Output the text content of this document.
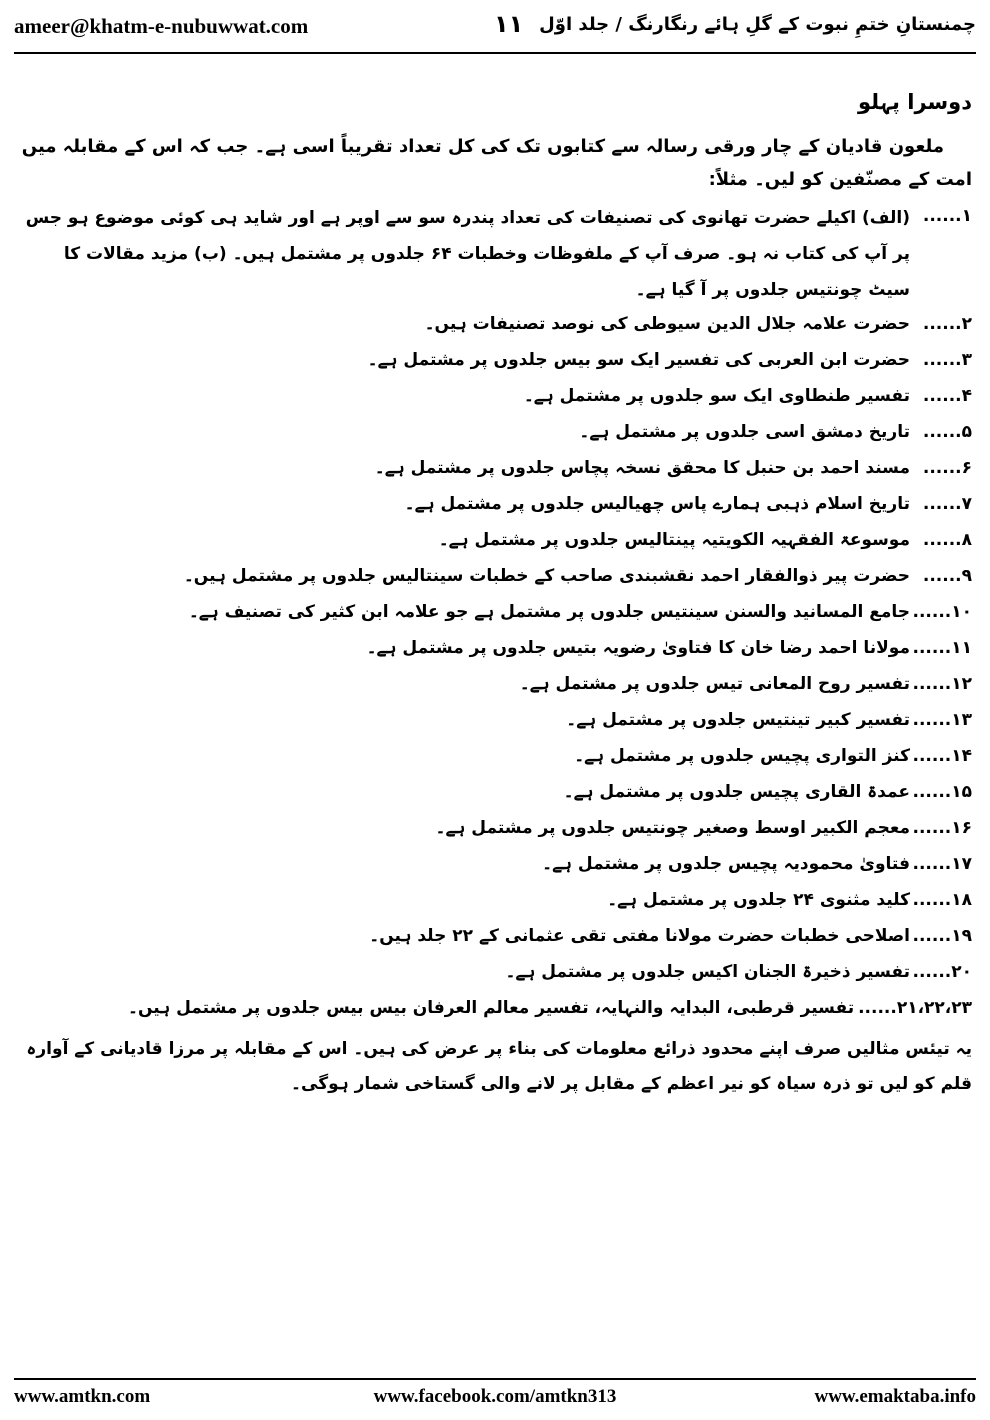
ameer@khatm-e-nubuwwat.com	۱۱ چمنستانِ ختمِ نبوت کے گلِ ہائے رنگارنگ / جلد اوّل
دوسرا پہلو
ملعون قادیان کے چار ورقی رسالہ سے کتابوں تک کی کل تعداد تقریباً اسی ہے۔ جب کہ اس کے مقابلہ میں امت کے مصنّفین کو لیں۔ مثلاً:
۱......
(الف) اکیلے حضرت تھانوی کی تصنیفات کی تعداد پندرہ سو سے اوپر ہے اور شاید ہی کوئی موضوع ہو جس پر آپ کی کتاب نہ ہو۔ صرف آپ کے ملفوظات وخطبات ۶۴ جلدوں پر مشتمل ہیں۔ (ب) مزید مقالات کا سیٹ چونتیس جلدوں پر آ گیا ہے۔
۲......
حضرت علامہ جلال الدین سیوطی کی نوصد تصنیفات ہیں۔
۳......
حضرت ابن العربی کی تفسیر ایک سو بیس جلدوں پر مشتمل ہے۔
۴......
تفسیر طنطاوی ایک سو جلدوں پر مشتمل ہے۔
۵......
تاریخ دمشق اسی جلدوں پر مشتمل ہے۔
۶......
مسند احمد بن حنبل کا محقق نسخہ پچاس جلدوں پر مشتمل ہے۔
۷......
تاریخ اسلام ذہبی ہمارے پاس چھیالیس جلدوں پر مشتمل ہے۔
۸......
موسوعۃ الفقہیہ الکویتیہ پینتالیس جلدوں پر مشتمل ہے۔
۹......
حضرت پیر ذوالفقار احمد نقشبندی صاحب کے خطبات سینتالیس جلدوں پر مشتمل ہیں۔
۱۰......
جامع المسانید والسنن سینتیس جلدوں پر مشتمل ہے جو علامہ ابن کثیر کی تصنیف ہے۔
۱۱......
مولانا احمد رضا خان کا فتاویٰ رضویہ بتیس جلدوں پر مشتمل ہے۔
۱۲......
تفسیر روح المعانی تیس جلدوں پر مشتمل ہے۔
۱۳......
تفسیر کبیر تینتیس جلدوں پر مشتمل ہے۔
۱۴......
کنز التواری پچیس جلدوں پر مشتمل ہے۔
۱۵......
عمدۃ القاری پچیس جلدوں پر مشتمل ہے۔
۱۶......
معجم الکبیر اوسط وصغیر چونتیس جلدوں پر مشتمل ہے۔
۱۷......
فتاویٰ محمودیہ پچیس جلدوں پر مشتمل ہے۔
۱۸......
کلید مثنوی ۲۴ جلدوں پر مشتمل ہے۔
۱۹......
اصلاحی خطبات حضرت مولانا مفتی تقی عثمانی کے ۲۲ جلد ہیں۔
۲۰......
تفسیر ذخیرۃ الجنان اکیس جلدوں پر مشتمل ہے۔
۲۱،۲۲،۲۳......
تفسیر قرطبی، البدایہ والنہایہ، تفسیر معالم العرفان بیس بیس جلدوں پر مشتمل ہیں۔
یہ تیئس مثالیں صرف اپنے محدود ذرائع معلومات کی بناء پر عرض کی ہیں۔ اس کے مقابلہ پر مرزا قادیانی کے آوارہ قلم کو لیں تو ذرہ سیاہ کو نیر اعظم کے مقابل پر لانے والی گستاخی شمار ہوگی۔
www.amtkn.com	www.facebook.com/amtkn313	www.emaktaba.info
